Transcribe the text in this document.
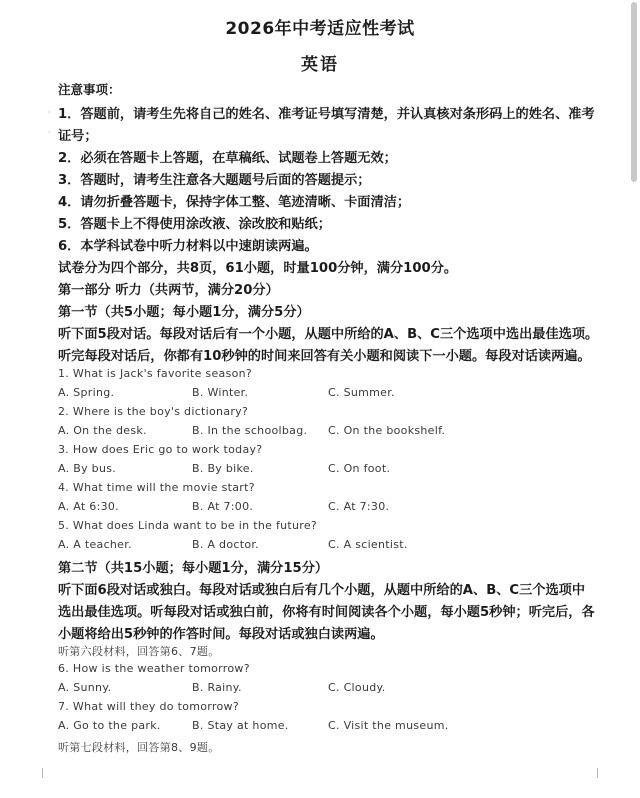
2026年中考适应性考试
英语
·
·
注意事项：
1．答题前，请考生先将自己的姓名、准考证号填写清楚，并认真核对条形码上的姓名、准考
证号；
2．必须在答题卡上答题，在草稿纸、试题卷上答题无效；
3．答题时，请考生注意各大题题号后面的答题提示；
4．请勿折叠答题卡，保持字体工整、笔迹清晰、卡面清洁；
5．答题卡上不得使用涂改液、涂改胶和贴纸；
6．本学科试卷中听力材料以中速朗读两遍。
试卷分为四个部分，共8页，61小题，时量100分钟，满分100分。
第一部分 听力（共两节，满分20分）
第一节（共5小题；每小题1分，满分5分）
听下面5段对话。每段对话后有一个小题，从题中所给的A、B、C三个选项中选出最佳选项。
听完每段对话后，你都有10秒钟的时间来回答有关小题和阅读下一小题。每段对话读两遍。
1. What is Jack's favorite season?
A. Spring.	B. Winter.	C. Summer.
2. Where is the boy's dictionary?
A. On the desk.	B. In the schoolbag. C. On the bookshelf.
3. How does Eric go to work today?
A. By bus.	B. By bike.	C. On foot.
4. What time will the movie start?
A. At 6:30.	B. At 7:00.	C. At 7:30.
5. What does Linda want to be in the future?
A. A teacher.	B. A doctor.	C. A scientist.
第二节（共15小题；每小题1分，满分15分）
听下面6段对话或独白。每段对话或独白后有几个小题，从题中所给的A、B、C三个选项中
选出最佳选项。听每段对话或独白前，你将有时间阅读各个小题，每小题5秒钟；听完后，各
小题将给出5秒钟的作答时间。每段对话或独白读两遍。
听第六段材料，回答第6、7题。
6. How is the weather tomorrow?
A. Sunny.	B. Rainy.	C. Cloudy.
7. What will they do tomorrow?
A. Go to the park.	B. Stay at home.	C. Visit the museum.
听第七段材料，回答第8、9题。
